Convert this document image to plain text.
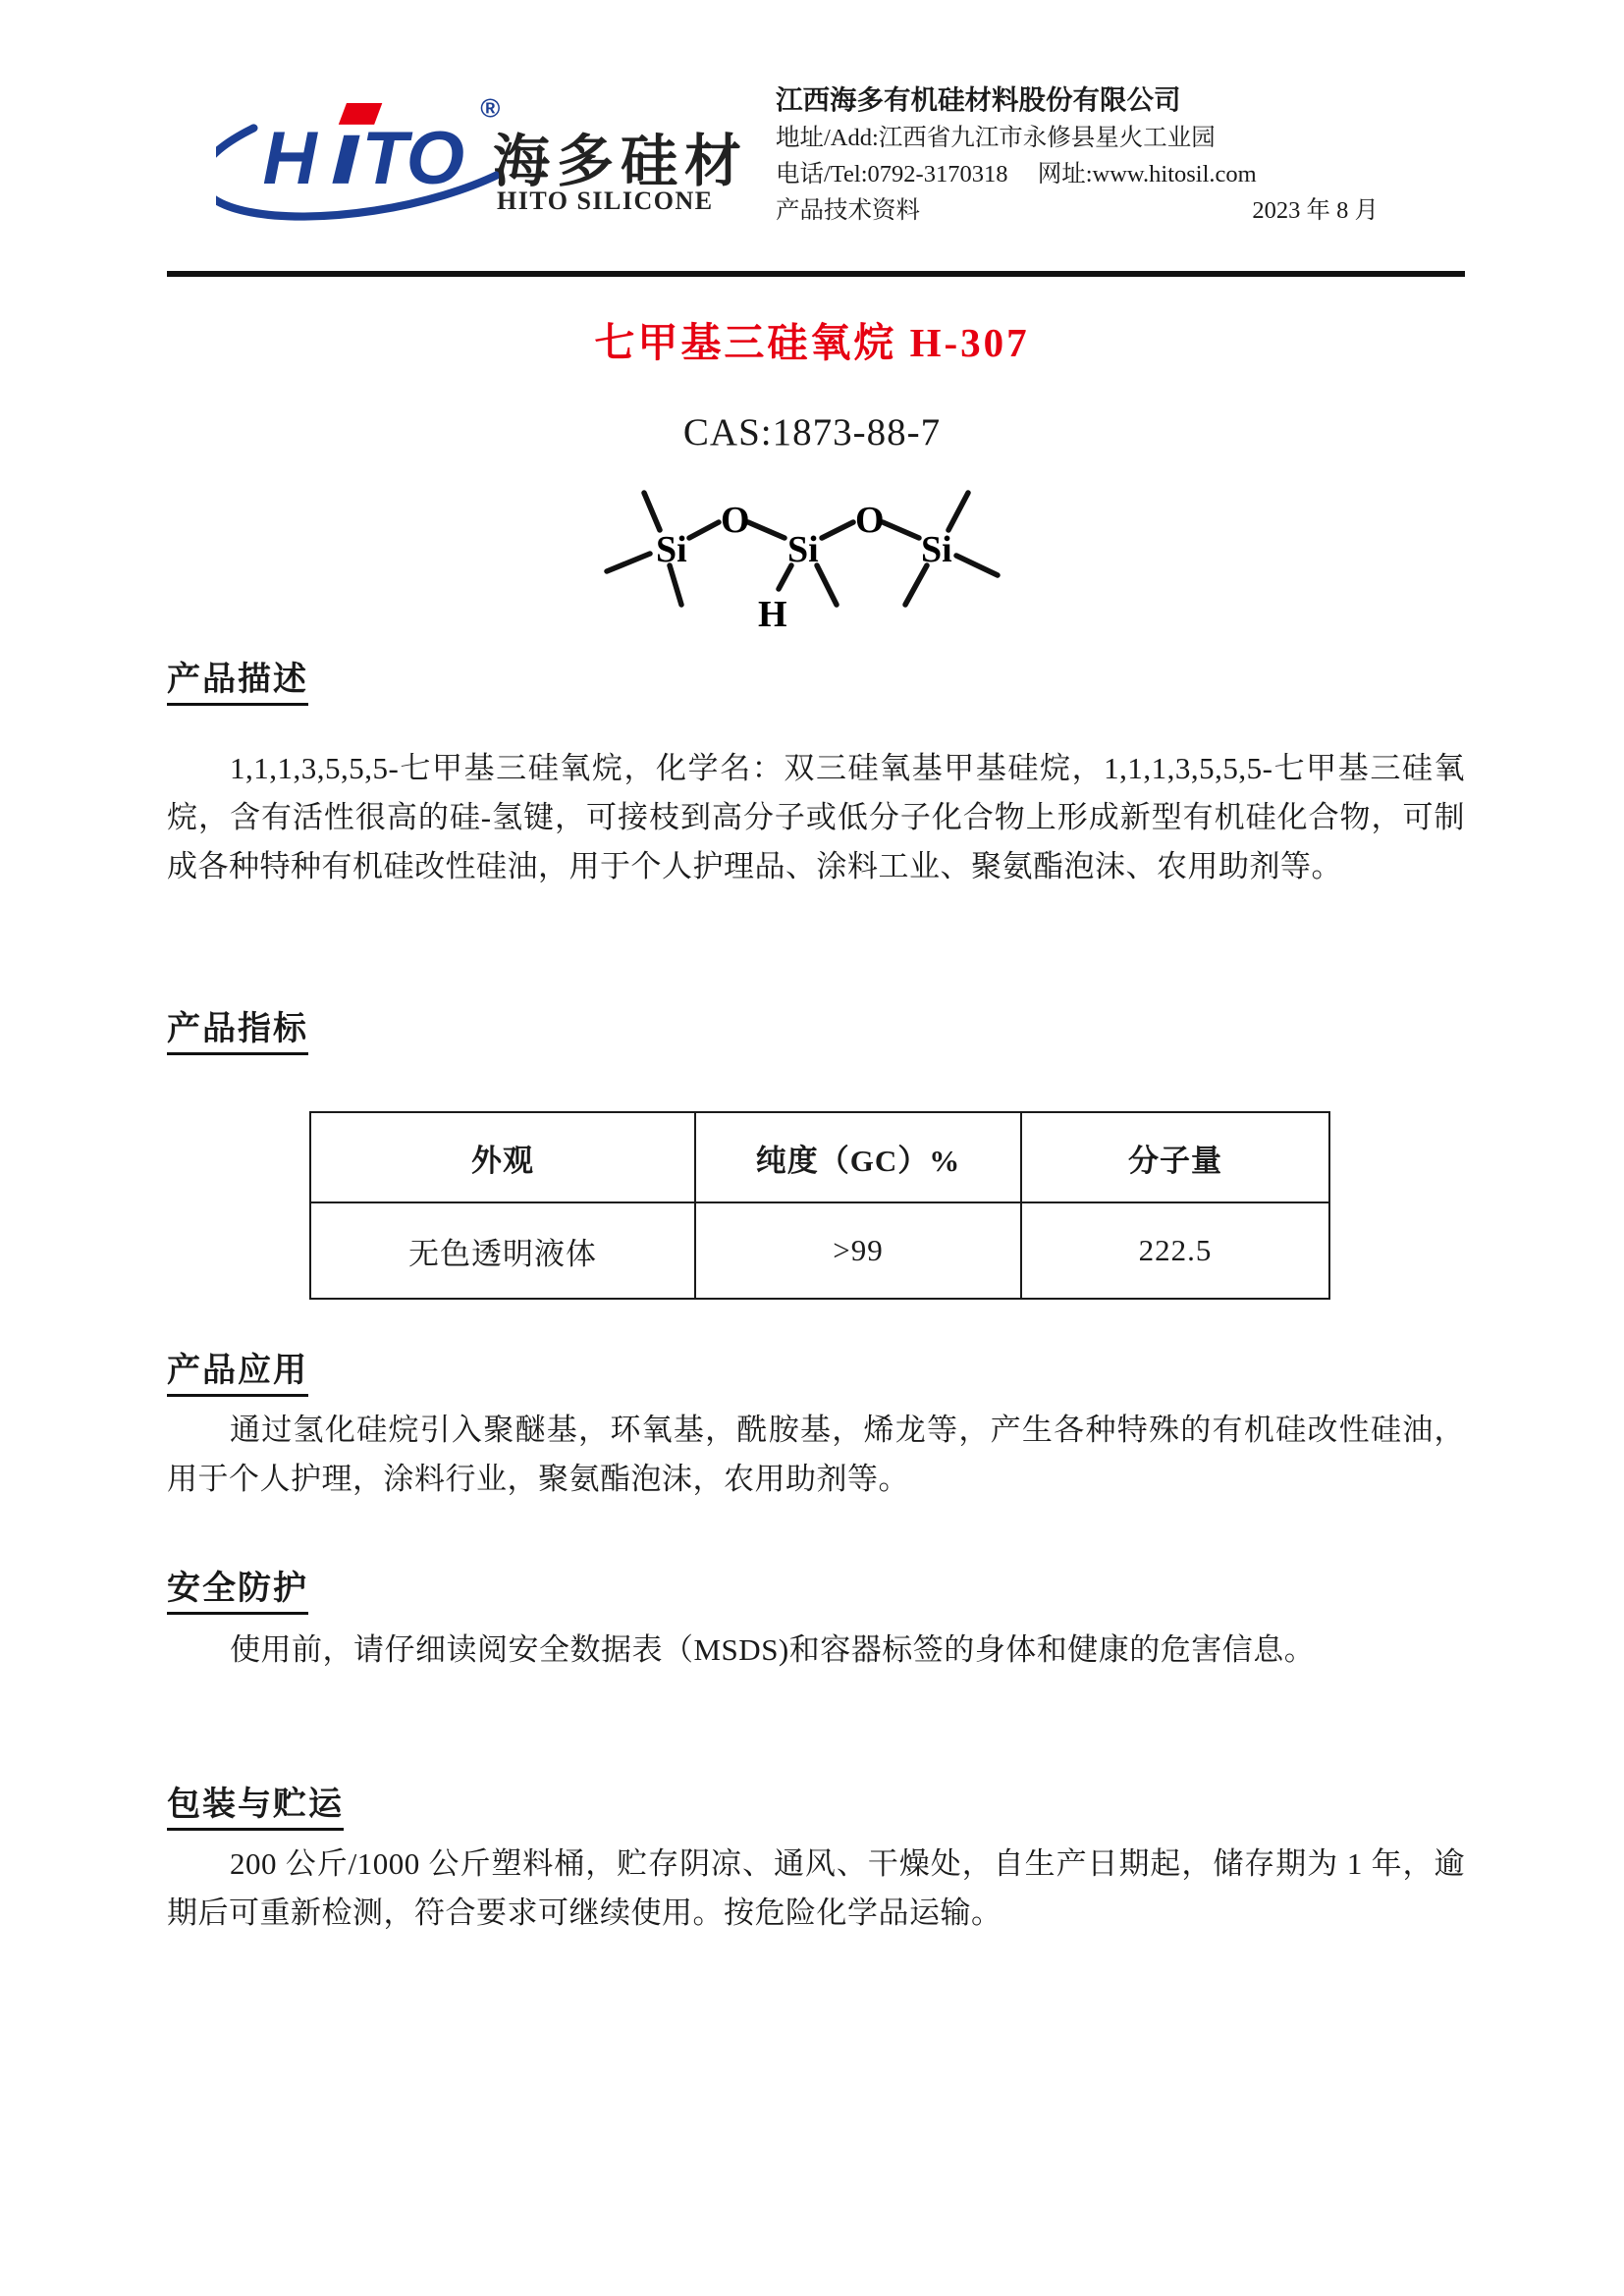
H TO
®
海多硅材
HITO SILICONE
江西海多有机硅材料股份有限公司
地址/Add:江西省九江市永修县星火工业园
电话/Tel:0792-3170318 网址:www.hitosil.com
产品技术资料	2023 年 8 月
七甲基三硅氧烷 H-307
CAS:1873-88-7
Si
O
Si
O
Si
H
产品描述

1,1,1,3,5,5,5-七甲基三硅氧烷，化学名：双三硅氧基甲基硅烷，1,1,1,3,5,5,5-七甲基三硅氧烷，含有活性很高的硅-氢键，可接枝到高分子或低分子化合物上形成新型有机硅化合物，可制成各种特种有机硅改性硅油，用于个人护理品、涂料工业、聚氨酯泡沫、农用助剂等。

产品指标
外观	纯度（GC）%	分子量
无色透明液体	>99	222.5
产品应用

通过氢化硅烷引入聚醚基，环氧基，酰胺基，烯龙等，产生各种特殊的有机硅改性硅油，用于个人护理，涂料行业，聚氨酯泡沫，农用助剂等。

安全防护

使用前，请仔细读阅安全数据表（MSDS)和容器标签的身体和健康的危害信息。

包装与贮运

200 公斤/1000 公斤塑料桶，贮存阴凉、通风、干燥处，自生产日期起，储存期为 1 年，逾期后可重新检测，符合要求可继续使用。按危险化学品运输。
